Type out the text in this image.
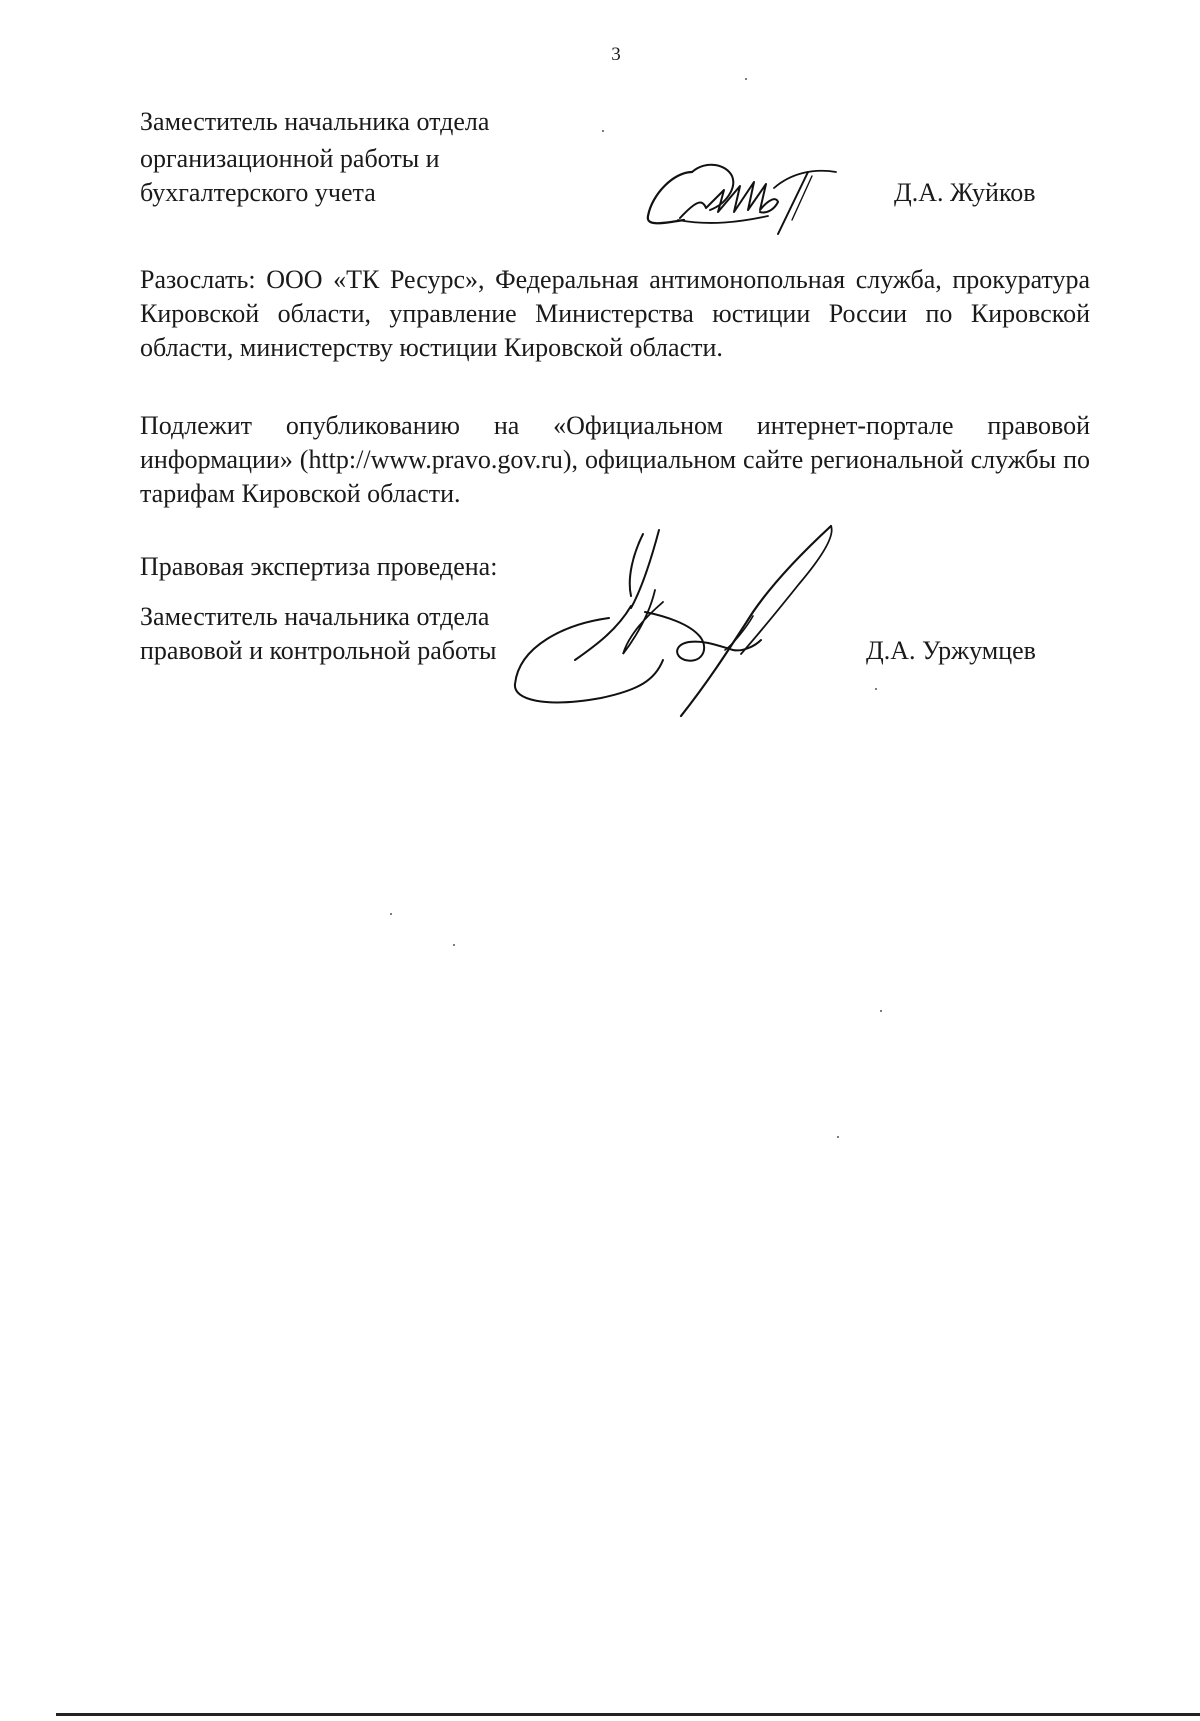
3
Заместитель начальника отдела
организационной работы и
бухгалтерского учета	Д.А. Жуйков
Разослать: ООО «ТК Ресурс», Федеральная антимонопольная служба, прокуратура Кировской области, управление Министерства юстиции России по Кировской области, министерству юстиции Кировской области.
Подлежит опубликованию на «Официальном интернет-портале правовой информации» (http://www.pravo.gov.ru), официальном сайте региональной службы по тарифам Кировской области.
Правовая экспертиза проведена:
Заместитель начальника отдела
правовой и контрольной работы	Д.А. Уржумцев
